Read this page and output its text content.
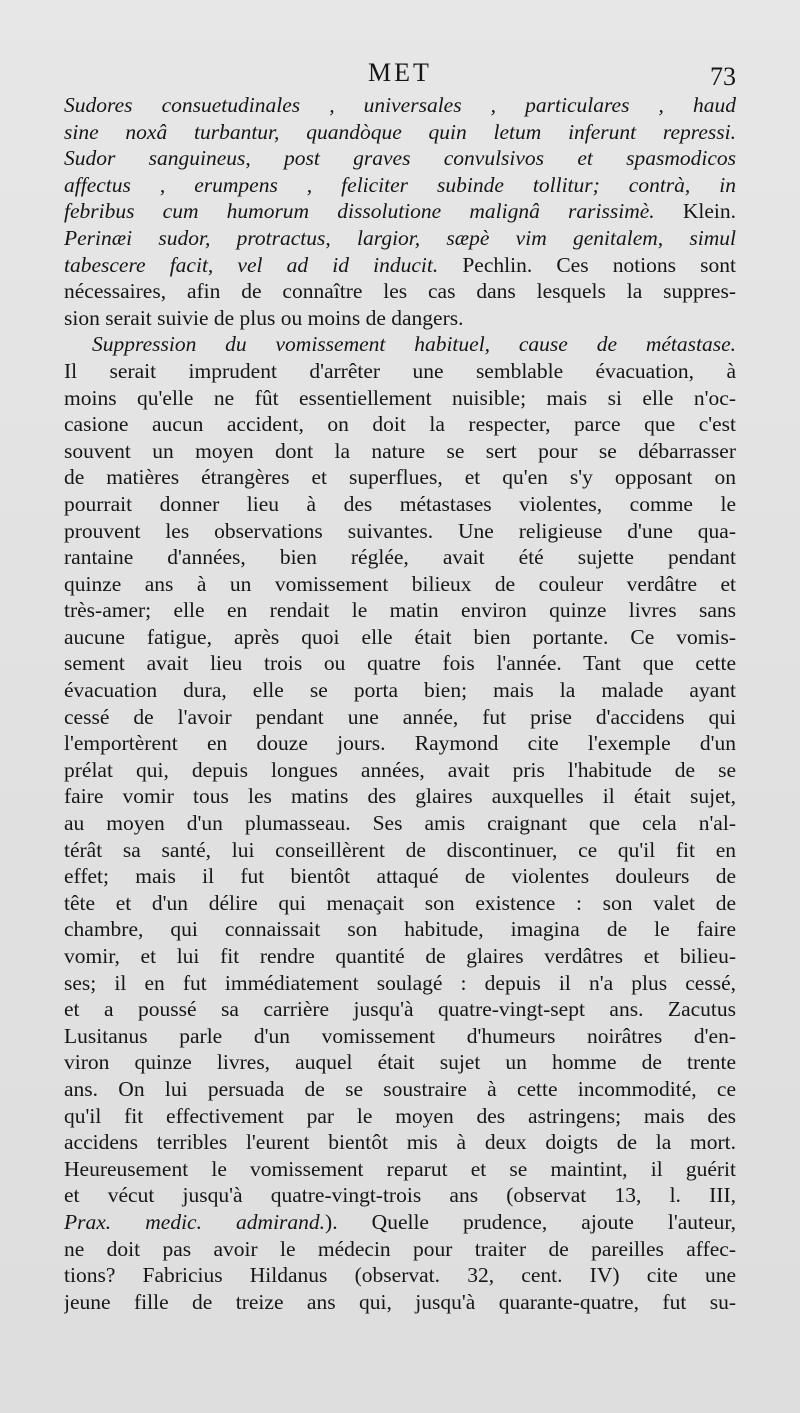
MET	73
Sudores consuetudinales , universales , particulares , haud
sine noxâ turbantur, quandòque quin letum inferunt repressi.
Sudor sanguineus, post graves convulsivos et spasmodicos
affectus , erumpens , feliciter subinde tollitur; contrà, in
febribus cum humorum dissolutione malignâ rarissimè. Klein.
Perinæi sudor, protractus, largior, sæpè vim genitalem, simul
tabescere facit, vel ad id inducit. Pechlin. Ces notions sont
nécessaires, afin de connaître les cas dans lesquels la suppres-
sion serait suivie de plus ou moins de dangers.
Suppression du vomissement habituel, cause de métastase.
Il serait imprudent d'arrêter une semblable évacuation, à
moins qu'elle ne fût essentiellement nuisible; mais si elle n'oc-
casione aucun accident, on doit la respecter, parce que c'est
souvent un moyen dont la nature se sert pour se débarrasser
de matières étrangères et superflues, et qu'en s'y opposant on
pourrait donner lieu à des métastases violentes, comme le
prouvent les observations suivantes. Une religieuse d'une qua-
rantaine d'années, bien réglée, avait été sujette pendant
quinze ans à un vomissement bilieux de couleur verdâtre et
très-amer; elle en rendait le matin environ quinze livres sans
aucune fatigue, après quoi elle était bien portante. Ce vomis-
sement avait lieu trois ou quatre fois l'année. Tant que cette
évacuation dura, elle se porta bien; mais la malade ayant
cessé de l'avoir pendant une année, fut prise d'accidens qui
l'emportèrent en douze jours. Raymond cite l'exemple d'un
prélat qui, depuis longues années, avait pris l'habitude de se
faire vomir tous les matins des glaires auxquelles il était sujet,
au moyen d'un plumasseau. Ses amis craignant que cela n'al-
térât sa santé, lui conseillèrent de discontinuer, ce qu'il fit en
effet; mais il fut bientôt attaqué de violentes douleurs de
tête et d'un délire qui menaçait son existence : son valet de
chambre, qui connaissait son habitude, imagina de le faire
vomir, et lui fit rendre quantité de glaires verdâtres et bilieu-
ses; il en fut immédiatement soulagé : depuis il n'a plus cessé,
et a poussé sa carrière jusqu'à quatre-vingt-sept ans. Zacutus
Lusitanus parle d'un vomissement d'humeurs noirâtres d'en-
viron quinze livres, auquel était sujet un homme de trente
ans. On lui persuada de se soustraire à cette incommodité, ce
qu'il fit effectivement par le moyen des astringens; mais des
accidens terribles l'eurent bientôt mis à deux doigts de la mort.
Heureusement le vomissement reparut et se maintint, il guérit
et vécut jusqu'à quatre-vingt-trois ans (observat 13, l. III,
Prax. medic. admirand.). Quelle prudence, ajoute l'auteur,
ne doit pas avoir le médecin pour traiter de pareilles affec-
tions? Fabricius Hildanus (observat. 32, cent. IV) cite une
jeune fille de treize ans qui, jusqu'à quarante-quatre, fut su-
